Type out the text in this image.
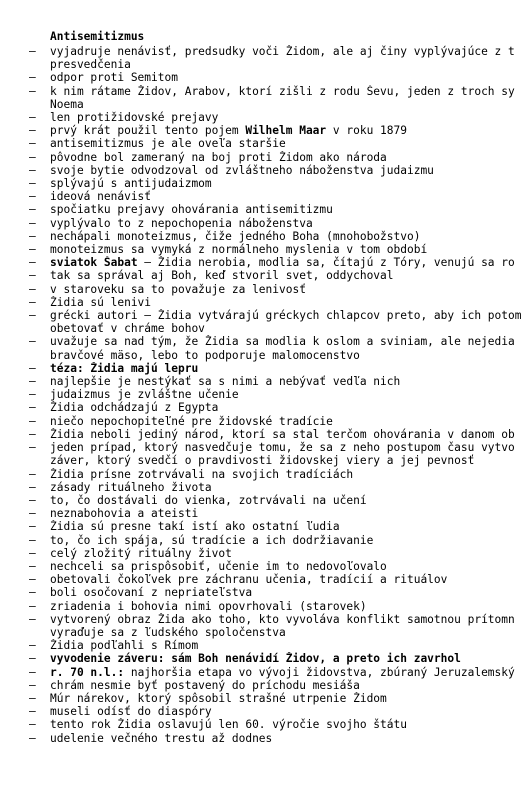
Antisemitizmus
– vyjadruje nenávisť, predsudky voči Židom, ale aj činy vyplývajúce z t
presvedčenia
– odpor proti Semitom
– k nim rátame Židov, Arabov, ktorí zišli z rodu Ševu, jeden z troch sy
Noema
– len protižidovské prejavy
– prvý krát použil tento pojem Wilhelm Maar v roku 1879
– antisemitizmus je ale oveľa staršie
– pôvodne bol zameraný na boj proti Židom ako národa
– svoje bytie odvodzoval od zvláštneho náboženstva judaizmu
– splývajú s antijudaizmom
– ideová nenávisť
– spočiatku prejavy ohovárania antisemitizmu
– vyplývalo to z nepochopenia náboženstva
– nechápali monoteizmus, čiže jedného Boha (mnohobožstvo)
– monoteizmus sa vymyká z normálneho myslenia v tom období
– sviatok Šabat – Židia nerobia, modlia sa, čítajú z Tóry, venujú sa ro
– tak sa správal aj Boh, keď stvoril svet, oddychoval
– v staroveku sa to považuje za lenivosť
– Židia sú lenivi
– grécki autori – Židia vytvárajú gréckych chlapcov preto, aby ich potom
obetovať v chráme bohov
– uvažuje sa nad tým, že Židia sa modlia k oslom a sviniam, ale nejedia
bravčové mäso, lebo to podporuje malomocenstvo
– téza: Židia majú lepru
– najlepšie je nestýkať sa s nimi a nebývať vedľa nich
– judaizmus je zvláštne učenie
– Židia odchádzajú z Egypta
– niečo nepochopiteľné pre židovské tradície
– Židia neboli jediný národ, ktorí sa stal terčom ohovárania v danom ob
– jeden prípad, ktorý nasvedčuje tomu, že sa z neho postupom času vytvo
záver, ktorý svedčí o pravdivosti židovskej viery a jej pevnosť
– Židia prísne zotrvávali na svojich tradíciách
– zásady rituálneho života
– to, čo dostávali do vienka, zotrvávali na učení
– neznabohovia a ateisti
– Židia sú presne takí istí ako ostatní ľudia
– to, čo ich spája, sú tradície a ich dodržiavanie
– celý zložitý rituálny život
– nechceli sa prispôsobiť, učenie im to nedovoľovalo
– obetovali čokoľvek pre záchranu učenia, tradícií a rituálov
– boli osočovaní z nepriateľstva
– zriadenia i bohovia nimi opovrhovali (starovek)
– vytvorený obraz Žida ako toho, kto vyvoláva konflikt samotnou prítomn
vyraďuje sa z ľudského spoločenstva
– Židia podľahli s Rímom
– vyvodenie záveru: sám Boh nenávidí Židov, a preto ich zavrhol
– r. 70 n.l.: najhoršia etapa vo vývoji židovstva, zbúraný Jeruzalemský
– chrám nesmie byť postavený do príchodu mesiáša
– Múr nárekov, ktorý spôsobil strašné utrpenie Židom
– museli odísť do diaspóry
– tento rok Židia oslavujú len 60. výročie svojho štátu
– udelenie večného trestu až dodnes
